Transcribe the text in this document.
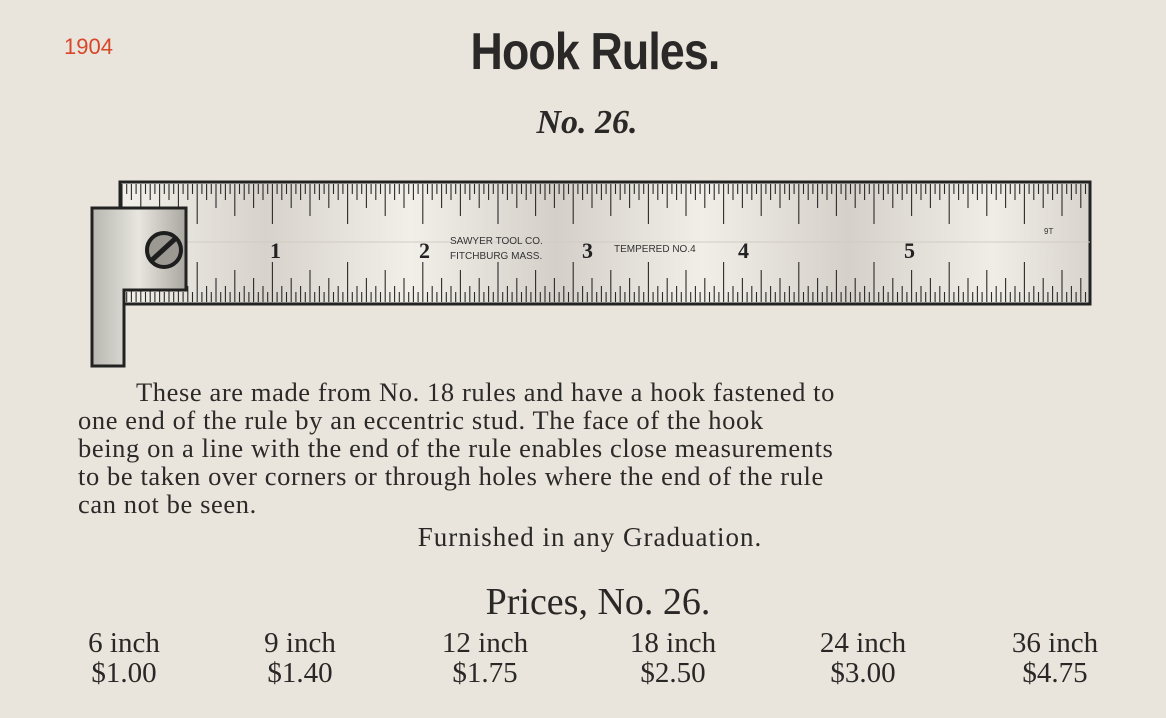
1904	Hook Rules.
No. 26.
1	2	3	4	5
SAWYER TOOL CO.
FITCHBURG MASS.
TEMPERED NO.4
9T
These are made from No. 18 rules and have a hook fastened to
one end of the rule by an eccentric stud. The face of the hook
being on a line with the end of the rule enables close measurements
to be taken over corners or through holes where the end of the rule
can not be seen.
Furnished in any Graduation.
Prices, No. 26.
6 inch
$1.00
9 inch
$1.40
12 inch
$1.75
18 inch
$2.50
24 inch
$3.00
36 inch
$4.75
